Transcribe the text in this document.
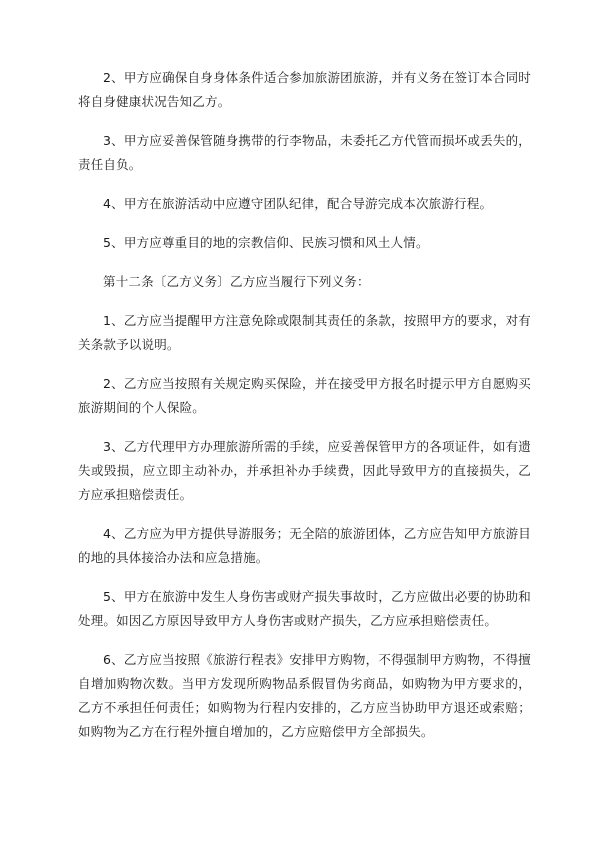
2、甲方应确保自身身体条件适合参加旅游团旅游，并有义务在签订本合同时将自身健康状况告知乙方。

3、甲方应妥善保管随身携带的行李物品，未委托乙方代管而损坏或丢失的，责任自负。

4、甲方在旅游活动中应遵守团队纪律，配合导游完成本次旅游行程。

5、甲方应尊重目的地的宗教信仰、民族习惯和风土人情。

第十二条〔乙方义务〕乙方应当履行下列义务：

1、乙方应当提醒甲方注意免除或限制其责任的条款，按照甲方的要求，对有关条款予以说明。

2、乙方应当按照有关规定购买保险，并在接受甲方报名时提示甲方自愿购买旅游期间的个人保险。

3、乙方代理甲方办理旅游所需的手续，应妥善保管甲方的各项证件，如有遗失或毁损，应立即主动补办，并承担补办手续费，因此导致甲方的直接损失，乙方应承担赔偿责任。

4、乙方应为甲方提供导游服务；无全陪的旅游团体，乙方应告知甲方旅游目的地的具体接洽办法和应急措施。

5、甲方在旅游中发生人身伤害或财产损失事故时，乙方应做出必要的协助和处理。如因乙方原因导致甲方人身伤害或财产损失，乙方应承担赔偿责任。

6、乙方应当按照《旅游行程表》安排甲方购物，不得强制甲方购物，不得擅自增加购物次数。当甲方发现所购物品系假冒伪劣商品，如购物为甲方要求的，乙方不承担任何责任；如购物为行程内安排的，乙方应当协助甲方退还或索赔；如购物为乙方在行程外擅自增加的，乙方应赔偿甲方全部损失。
